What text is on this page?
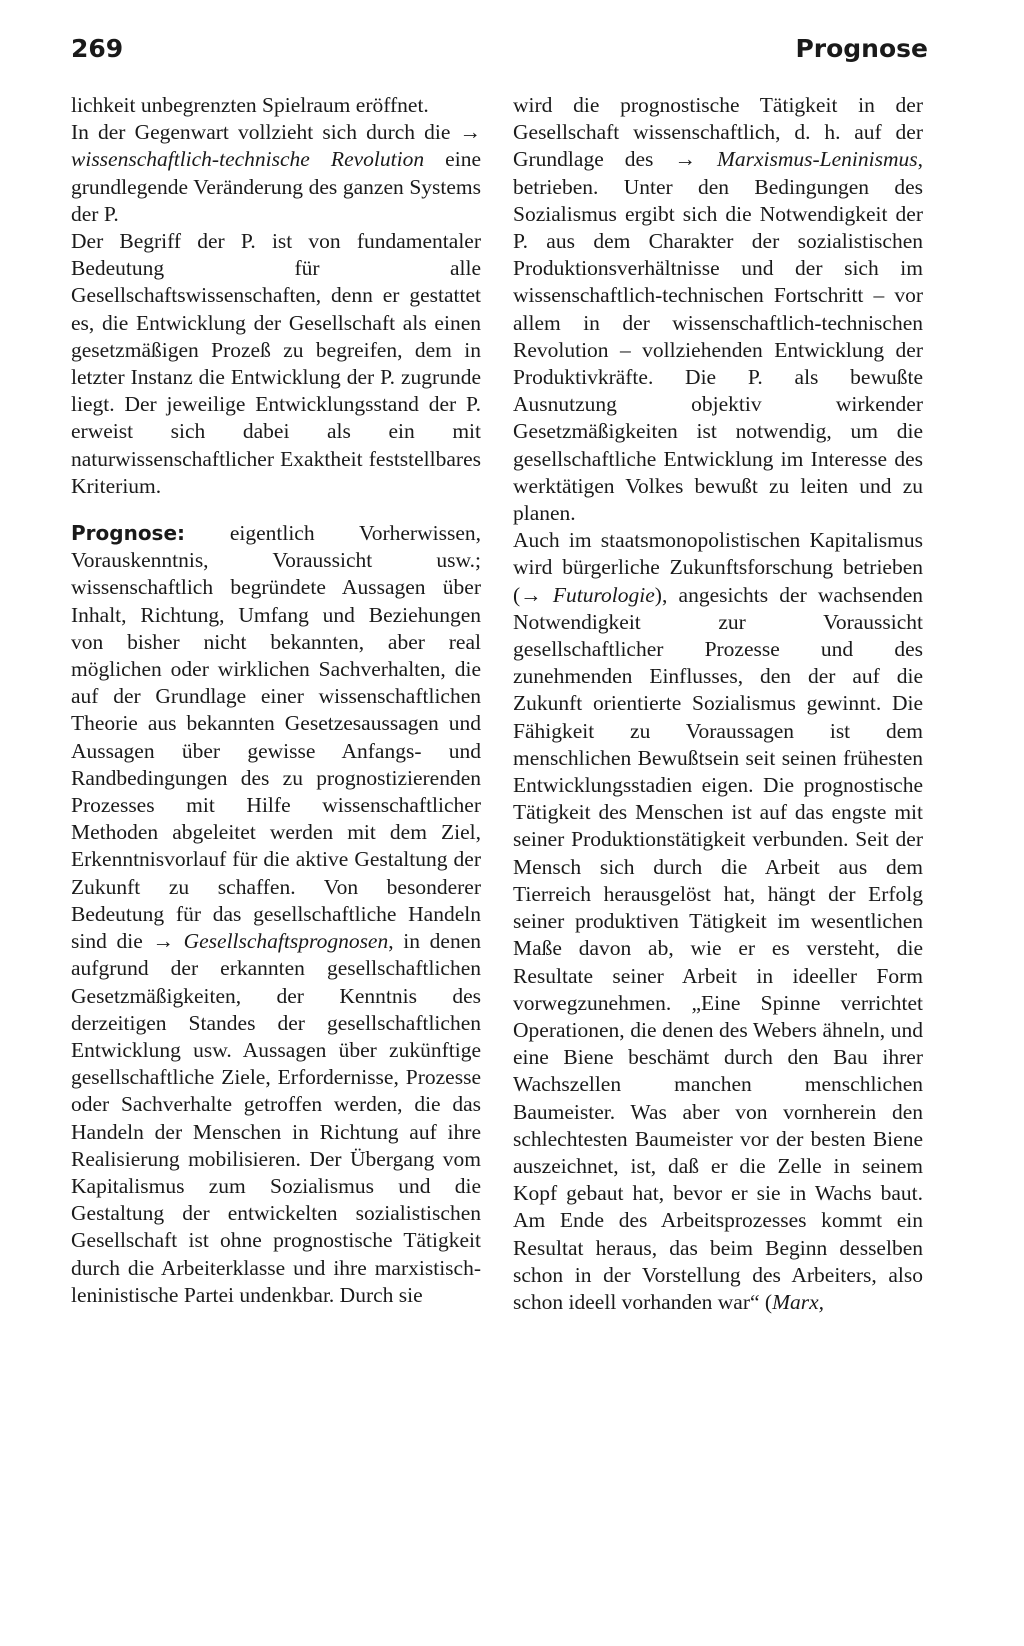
269	Prognose

lichkeit unbegrenzten Spielraum eröffnet.

In der Gegenwart vollzieht sich durch die → wissenschaftlich-technische Revolution eine grundlegende Veränderung des ganzen Systems der P.

Der Begriff der P. ist von fundamentaler Bedeutung für alle Gesellschaftswissenschaften, denn er gestattet es, die Entwicklung der Gesellschaft als einen gesetzmäßigen Prozeß zu begreifen, dem in letzter Instanz die Entwicklung der P. zugrunde liegt. Der jeweilige Entwicklungsstand der P. erweist sich dabei als ein mit naturwissenschaftlicher Exaktheit feststellbares Kriterium.

Prognose: eigentlich Vorherwissen, Vorauskenntnis, Voraussicht usw.; wissenschaftlich begründete Aussagen über Inhalt, Richtung, Umfang und Beziehungen von bisher nicht bekannten, aber real möglichen oder wirklichen Sachverhalten, die auf der Grundlage einer wissenschaftlichen Theorie aus bekannten Gesetzesaussagen und Aussagen über gewisse Anfangs- und Randbedingungen des zu prognostizierenden Prozesses mit Hilfe wissenschaftlicher Methoden abgeleitet werden mit dem Ziel, Erkenntnisvorlauf für die aktive Gestaltung der Zukunft zu schaffen. Von besonderer Bedeutung für das gesellschaftliche Handeln sind die → Gesellschaftsprognosen, in denen aufgrund der erkannten gesellschaftlichen Gesetzmäßigkeiten, der Kenntnis des derzeitigen Standes der gesellschaftlichen Entwicklung usw. Aussagen über zukünftige gesellschaftliche Ziele, Erfordernisse, Prozesse oder Sachverhalte getroffen werden, die das Handeln der Menschen in Richtung auf ihre Realisierung mobilisieren. Der Übergang vom Kapitalismus zum Sozialismus und die Gestaltung der entwickelten sozialistischen Gesellschaft ist ohne prognostische Tätigkeit durch die Arbeiterklasse und ihre marxistisch-leninistische Partei undenkbar. Durch sie

wird die prognostische Tätigkeit in der Gesellschaft wissenschaftlich, d. h. auf der Grundlage des → Marxismus-Leninismus, betrieben. Unter den Bedingungen des Sozialismus ergibt sich die Notwendigkeit der P. aus dem Charakter der sozialistischen Produktionsverhältnisse und der sich im wissenschaftlich-technischen Fortschritt – vor allem in der wissenschaftlich-technischen Revolution – vollziehenden Entwicklung der Produktivkräfte. Die P. als bewußte Ausnutzung objektiv wirkender Gesetzmäßigkeiten ist notwendig, um die gesellschaftliche Entwicklung im Interesse des werktätigen Volkes bewußt zu leiten und zu planen.

Auch im staatsmonopolistischen Kapitalismus wird bürgerliche Zukunftsforschung betrieben (→ Futurologie), angesichts der wachsenden Notwendigkeit zur Voraussicht gesellschaftlicher Prozesse und des zunehmenden Einflusses, den der auf die Zukunft orientierte Sozialismus gewinnt. Die Fähigkeit zu Voraussagen ist dem menschlichen Bewußtsein seit seinen frühesten Entwicklungsstadien eigen. Die prognostische Tätigkeit des Menschen ist auf das engste mit seiner Produktionstätigkeit verbunden. Seit der Mensch sich durch die Arbeit aus dem Tierreich herausgelöst hat, hängt der Erfolg seiner produktiven Tätigkeit im wesentlichen Maße davon ab, wie er es versteht, die Resultate seiner Arbeit in ideeller Form vorwegzunehmen. „Eine Spinne verrichtet Operationen, die denen des Webers ähneln, und eine Biene beschämt durch den Bau ihrer Wachszellen manchen menschlichen Baumeister. Was aber von vornherein den schlechtesten Baumeister vor der besten Biene auszeichnet, ist, daß er die Zelle in seinem Kopf gebaut hat, bevor er sie in Wachs baut. Am Ende des Arbeitsprozesses kommt ein Resultat heraus, das beim Beginn desselben schon in der Vorstellung des Arbeiters, also schon ideell vorhanden war“ (Marx,
